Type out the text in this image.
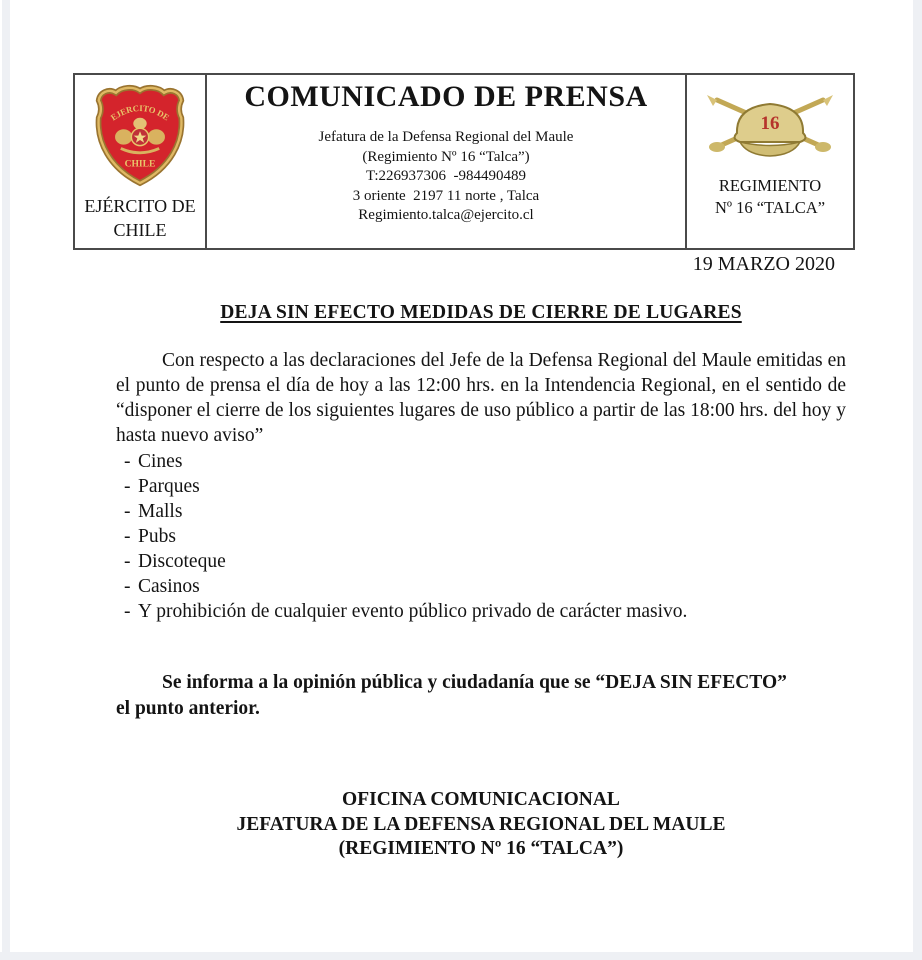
EJERCITO DE
CHILE
EJÉRCITO DE
CHILE
COMUNICADO DE PRENSA
Jefatura de la Defensa Regional del Maule
(Regimiento Nº 16 “Talca”)
T:226937306  -984490489
3 oriente  2197 11 norte , Talca
Regimiento.talca@ejercito.cl
16
REGIMIENTO
Nº 16 “TALCA”
19 MARZO 2020
DEJA SIN EFECTO MEDIDAS DE CIERRE DE LUGARES

Con respecto a las declaraciones del Jefe de la Defensa Regional del Maule emitidas en el punto de prensa el día de hoy a las 12:00 hrs. en la Intendencia Regional, en el sentido de “disponer el cierre de los siguientes lugares de uso público a partir de las 18:00 hrs. del hoy y hasta nuevo aviso”

- Cines
- Parques
- Malls
- Pubs
- Discoteque
- Casinos
- Y prohibición de cualquier evento público privado de carácter masivo.

Se informa a la opinión pública y ciudadanía que se “DEJA SIN EFECTO”
el punto anterior.

OFICINA COMUNICACIONAL
JEFATURA DE LA DEFENSA REGIONAL DEL MAULE
(REGIMIENTO Nº 16 “TALCA”)
